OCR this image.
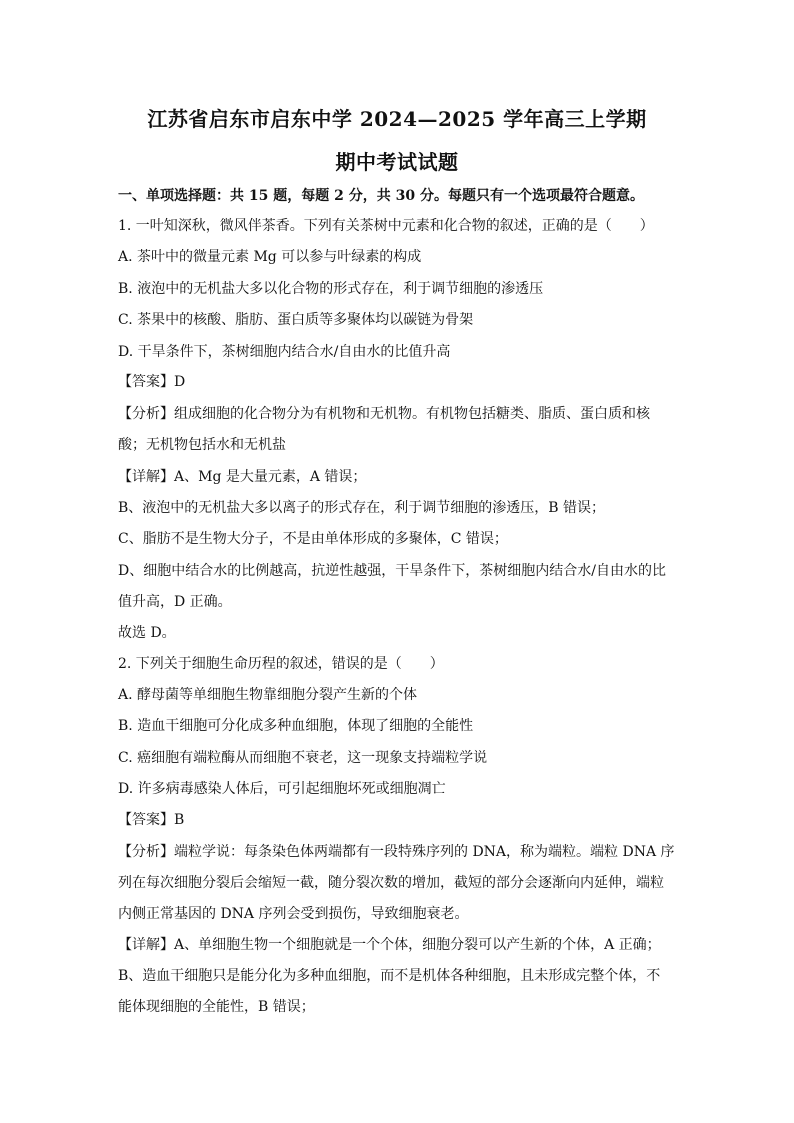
江苏省启东市启东中学 2024—2025 学年高三上学期
期中考试试题
一、单项选择题：共 15 题，每题 2 分，共 30 分。每题只有一个选项最符合题意。
1. 一叶知深秋，微风伴茶香。下列有关茶树中元素和化合物的叙述，正确的是（　　）
A. 茶叶中的微量元素 Mg 可以参与叶绿素的构成
B. 液泡中的无机盐大多以化合物的形式存在，利于调节细胞的渗透压
C. 茶果中的核酸、脂肪、蛋白质等多聚体均以碳链为骨架
D. 干旱条件下，茶树细胞内结合水/自由水的比值升高
【答案】D
【分析】组成细胞的化合物分为有机物和无机物。有机物包括糖类、脂质、蛋白质和核
酸；无机物包括水和无机盐
【详解】A、Mg 是大量元素，A 错误；
B、液泡中的无机盐大多以离子的形式存在，利于调节细胞的渗透压，B 错误；
C、脂肪不是生物大分子，不是由单体形成的多聚体，C 错误；
D、细胞中结合水的比例越高，抗逆性越强，干旱条件下，茶树细胞内结合水/自由水的比
值升高，D 正确。
故选 D。
2. 下列关于细胞生命历程的叙述，错误的是（　　）
A. 酵母菌等单细胞生物靠细胞分裂产生新的个体
B. 造血干细胞可分化成多种血细胞，体现了细胞的全能性
C. 癌细胞有端粒酶从而细胞不衰老，这一现象支持端粒学说
D. 许多病毒感染人体后，可引起细胞坏死或细胞凋亡
【答案】B
【分析】端粒学说：每条染色体两端都有一段特殊序列的 DNA，称为端粒。端粒 DNA 序
列在每次细胞分裂后会缩短一截，随分裂次数的增加，截短的部分会逐渐向内延伸，端粒
内侧正常基因的 DNA 序列会受到损伤，导致细胞衰老。
【详解】A、单细胞生物一个细胞就是一个个体，细胞分裂可以产生新的个体，A 正确；
B、造血干细胞只是能分化为多种血细胞，而不是机体各种细胞，且未形成完整个体，不
能体现细胞的全能性，B 错误；
